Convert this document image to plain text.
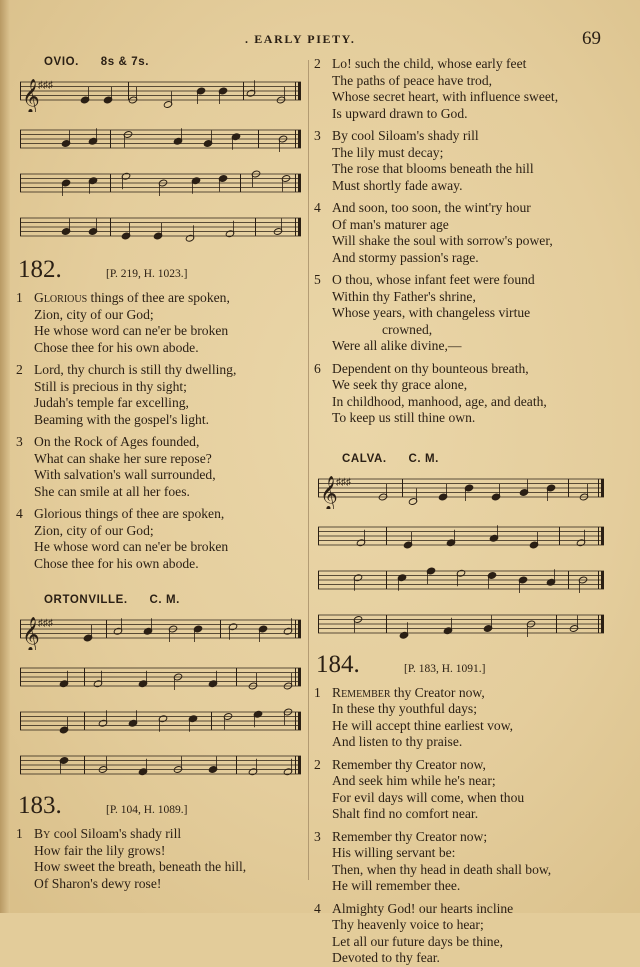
. EARLY PIETY.	69
OVIO. 8s & 7s.
𝄞
♯♯♯
182.	[P. 219, H. 1023.]
1 Glorious things of thee are spoken,
Zion, city of our God;
He whose word can ne'er be broken
Chose thee for his own abode.
2 Lord, thy church is still thy dwelling,
Still is precious in thy sight;
Judah's temple far excelling,
Beaming with the gospel's light.
3 On the Rock of Ages founded,
What can shake her sure repose?
With salvation's wall surrounded,
She can smile at all her foes.
4 Glorious things of thee are spoken,
Zion, city of our God;
He whose word can ne'er be broken
Chose thee for his own abode.
ORTONVILLE. C. M.
𝄞
♯♯♯
183.	[P. 104, H. 1089.]
1 By cool Siloam's shady rill
How fair the lily grows!
How sweet the breath, beneath the hill,
Of Sharon's dewy rose!
2 Lo! such the child, whose early feet
The paths of peace have trod,
Whose secret heart, with influence sweet,
Is upward drawn to God.
3 By cool Siloam's shady rill
The lily must decay;
The rose that blooms beneath the hill
Must shortly fade away.
4 And soon, too soon, the wint'ry hour
Of man's maturer age
Will shake the soul with sorrow's power,
And stormy passion's rage.
5 O thou, whose infant feet were found
Within thy Father's shrine,
Whose years, with changeless virtue
crowned,
Were all alike divine,—
6 Dependent on thy bounteous breath,
We seek thy grace alone,
In childhood, manhood, age, and death,
To keep us still thine own.
CALVA. C. M.
𝄞
♯♯♯
184.	[P. 183, H. 1091.]
1 Remember thy Creator now,
In these thy youthful days;
He will accept thine earliest vow,
And listen to thy praise.
2 Remember thy Creator now,
And seek him while he's near;
For evil days will come, when thou
Shalt find no comfort near.
3 Remember thy Creator now;
His willing servant be:
Then, when thy head in death shall bow,
He will remember thee.
4 Almighty God! our hearts incline
Thy heavenly voice to hear;
Let all our future days be thine,
Devoted to thy fear.
